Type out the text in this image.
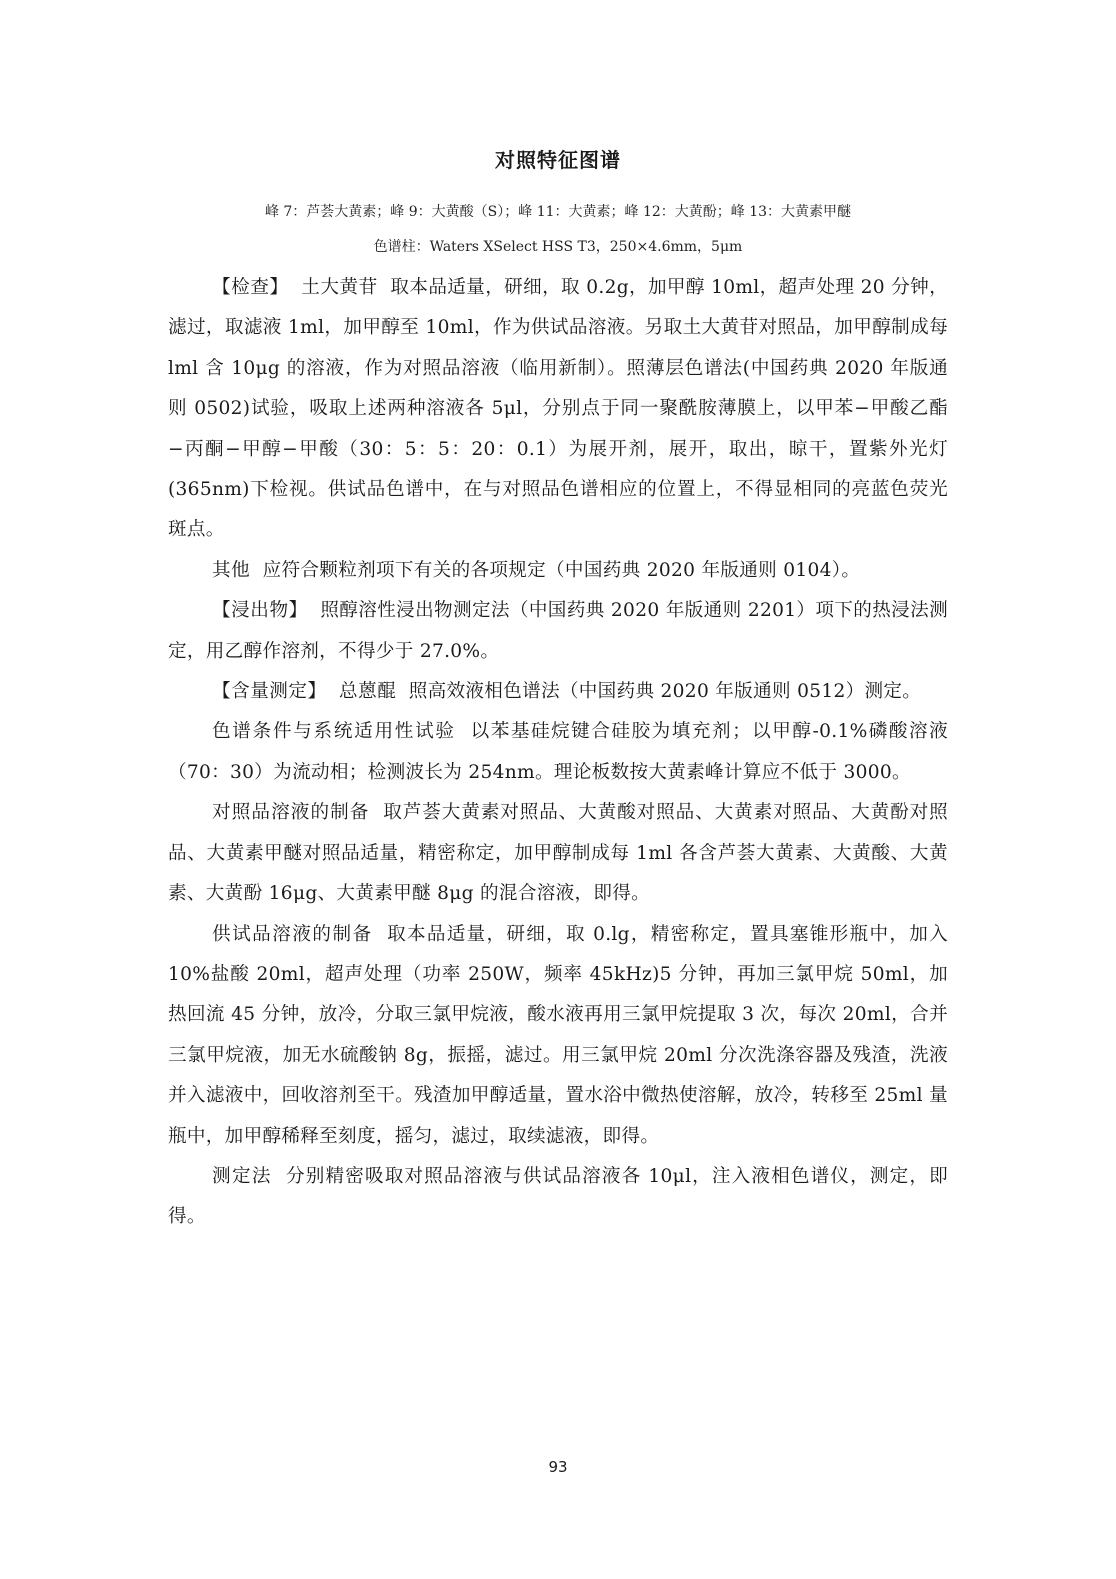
对照特征图谱
峰 7：芦荟大黄素；峰 9：大黄酸（S）；峰 11：大黄素；峰 12：大黄酚；峰 13：大黄素甲醚
色谱柱：Waters XSelect HSS T3，250×4.6mm，5μm

【检查】 土大黄苷 取本品适量，研细，取 0.2g，加甲醇 10ml，超声处理 20 分钟，滤过，取滤液 1ml，加甲醇至 10ml，作为供试品溶液。另取土大黄苷对照品，加甲醇制成每 lml 含 10μg 的溶液，作为对照品溶液（临用新制）。照薄层色谱法(中国药典 2020 年版通则 0502)试验，吸取上述两种溶液各 5μl，分别点于同一聚酰胺薄膜上，以甲苯−甲酸乙酯−丙酮−甲醇−甲酸（30：5：5：20：0.1）为展开剂，展开，取出，晾干，置紫外光灯(365nm)下检视。供试品色谱中，在与对照品色谱相应的位置上，不得显相同的亮蓝色荧光斑点。

其他 应符合颗粒剂项下有关的各项规定（中国药典 2020 年版通则 0104）。

【浸出物】 照醇溶性浸出物测定法（中国药典 2020 年版通则 2201）项下的热浸法测定，用乙醇作溶剂，不得少于 27.0%。

【含量测定】 总蒽醌 照高效液相色谱法（中国药典 2020 年版通则 0512）测定。

色谱条件与系统适用性试验 以苯基硅烷键合硅胶为填充剂；以甲醇-0.1%磷酸溶液（70：30）为流动相；检测波长为 254nm。理论板数按大黄素峰计算应不低于 3000。

对照品溶液的制备 取芦荟大黄素对照品、大黄酸对照品、大黄素对照品、大黄酚对照品、大黄素甲醚对照品适量，精密称定，加甲醇制成每 1ml 各含芦荟大黄素、大黄酸、大黄素、大黄酚 16μg、大黄素甲醚 8μg 的混合溶液，即得。

供试品溶液的制备 取本品适量，研细，取 0.lg，精密称定，置具塞锥形瓶中，加入 10%盐酸 20ml，超声处理（功率 250W，频率 45kHz)5 分钟，再加三氯甲烷 50ml，加热回流 45 分钟，放冷，分取三氯甲烷液，酸水液再用三氯甲烷提取 3 次，每次 20ml，合并三氯甲烷液，加无水硫酸钠 8g，振摇，滤过。用三氯甲烷 20ml 分次洗涤容器及残渣，洗液并入滤液中，回收溶剂至干。残渣加甲醇适量，置水浴中微热使溶解，放冷，转移至 25ml 量瓶中，加甲醇稀释至刻度，摇匀，滤过，取续滤液，即得。

测定法 分别精密吸取对照品溶液与供试品溶液各 10μl，注入液相色谱仪，测定，即得。

93
